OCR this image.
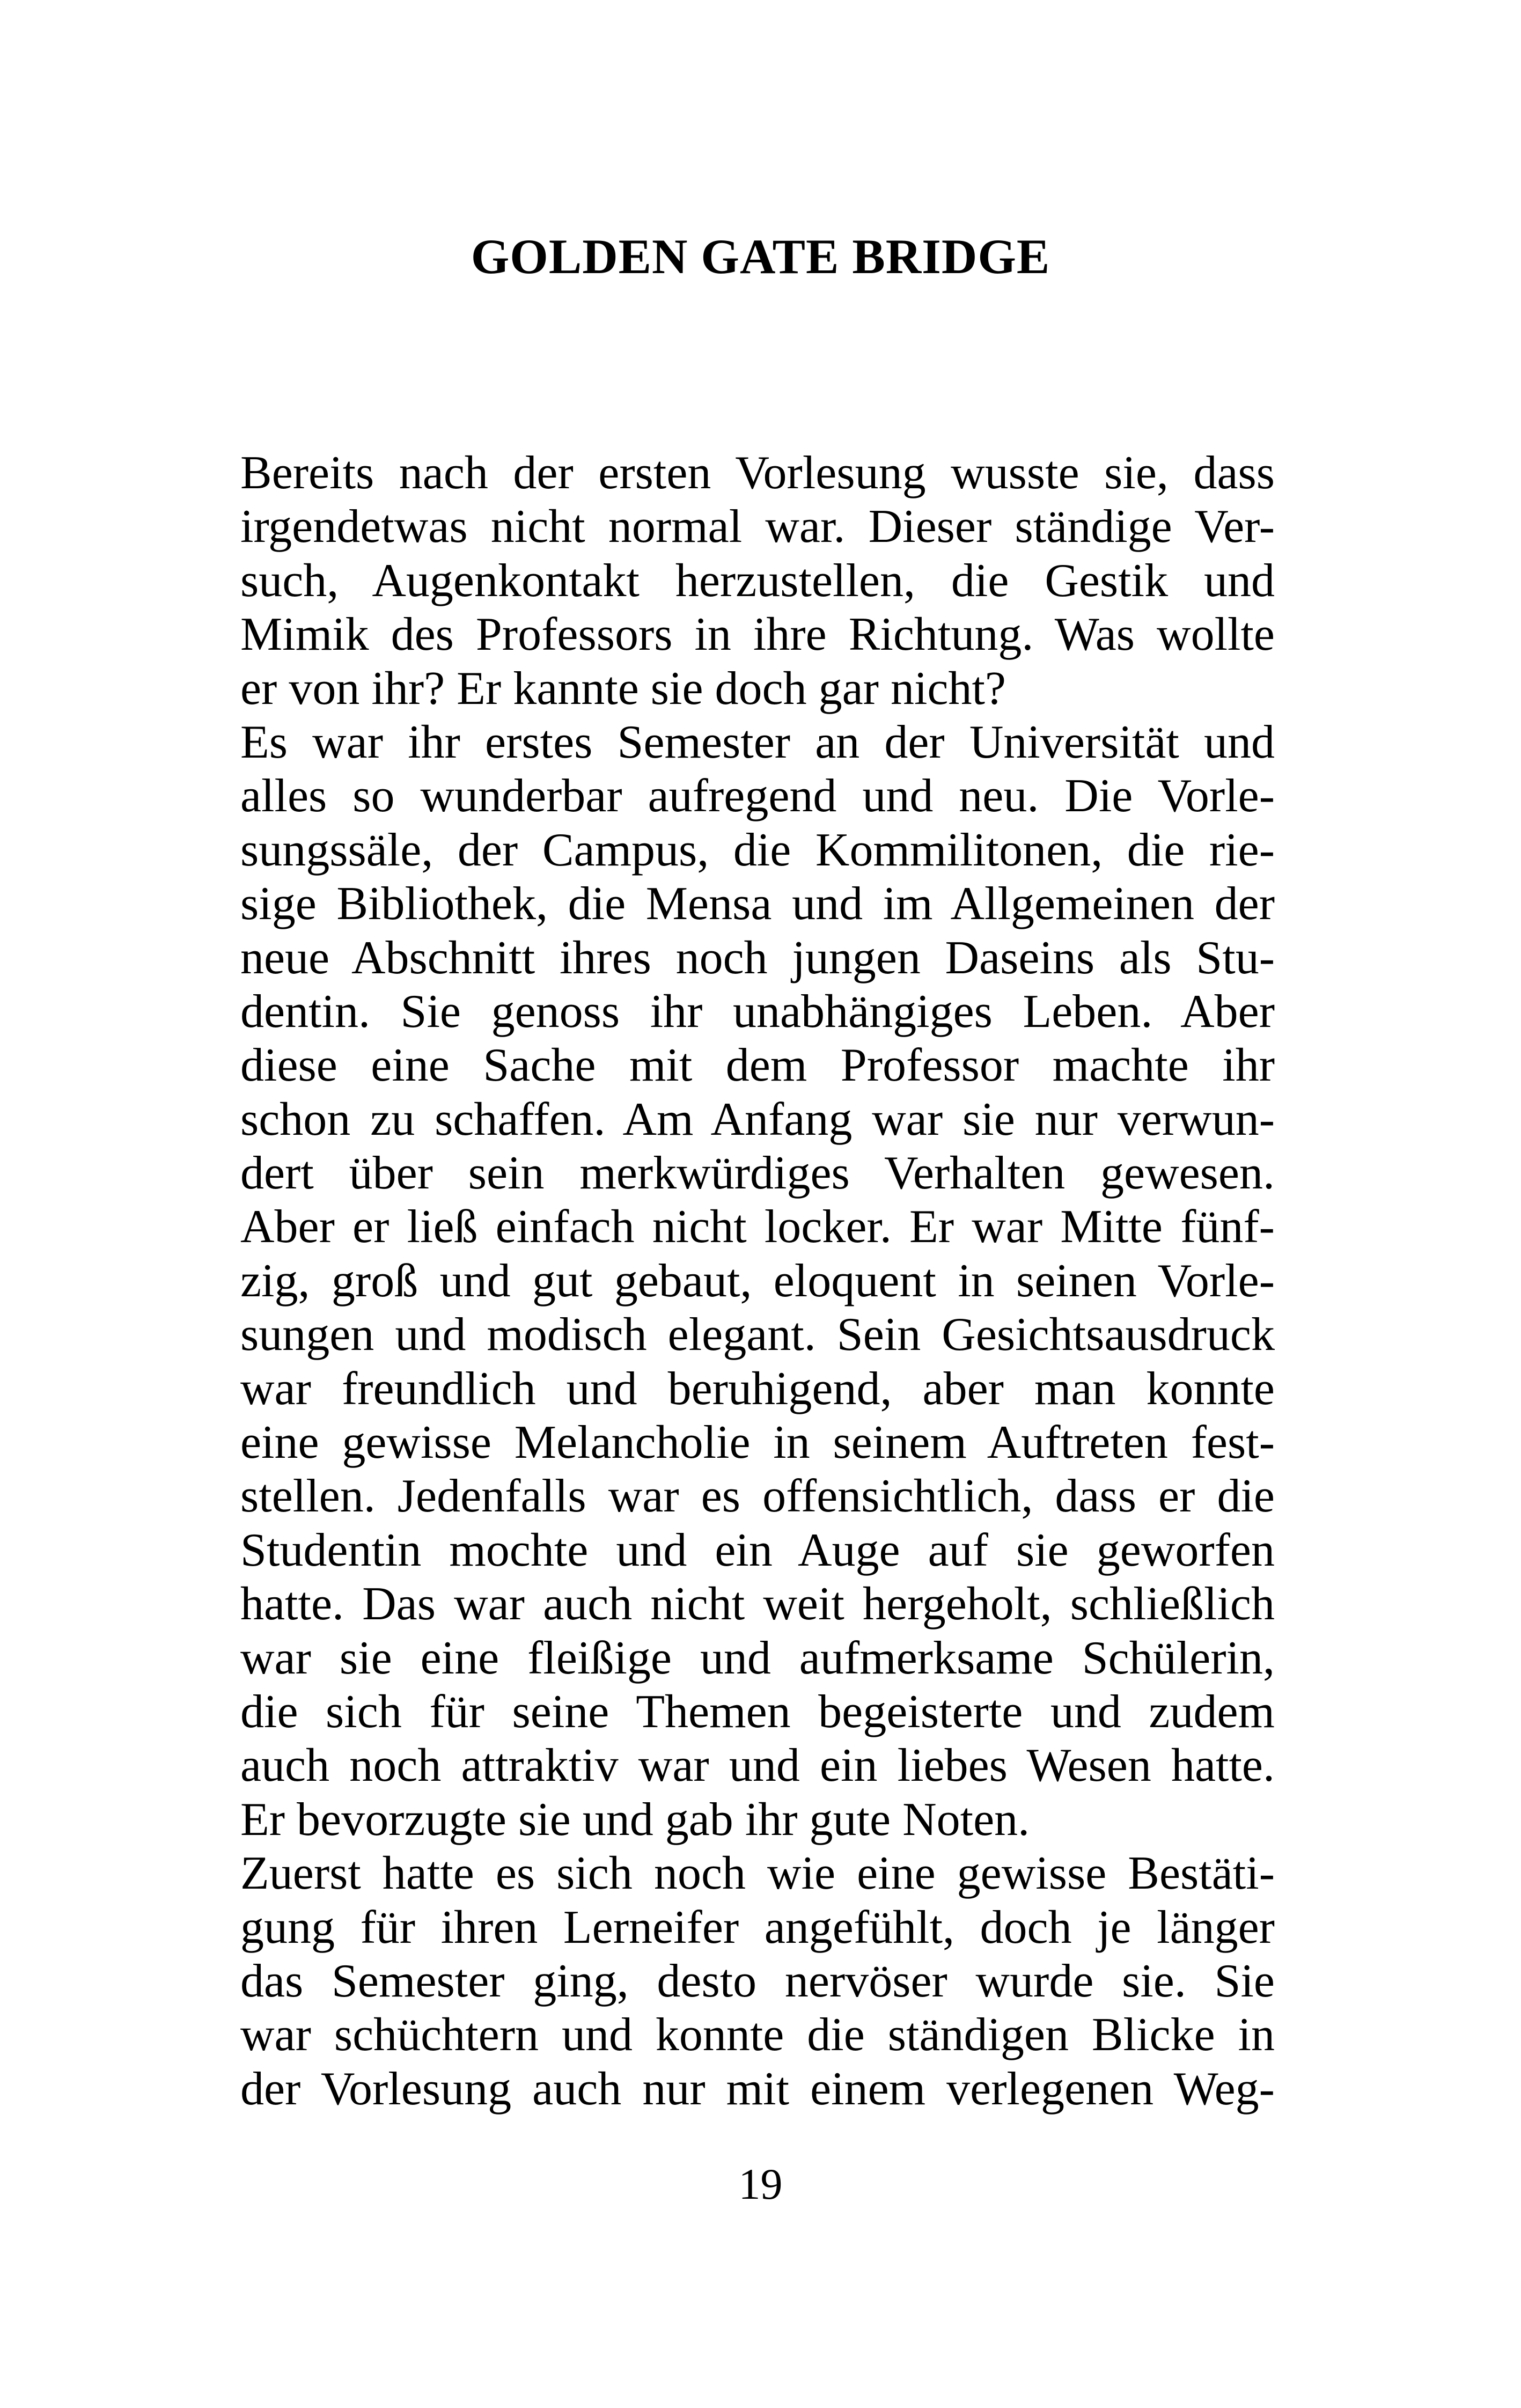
GOLDEN GATE BRIDGE

Bereits nach der ersten Vorlesung wusste sie, dass
irgendetwas nicht normal war. Dieser ständige Ver-
such, Augenkontakt herzustellen, die Gestik und
Mimik des Professors in ihre Richtung. Was wollte
er von ihr? Er kannte sie doch gar nicht?

Es war ihr erstes Semester an der Universität und
alles so wunderbar aufregend und neu. Die Vorle-
sungssäle, der Campus, die Kommilitonen, die rie-
sige Bibliothek, die Mensa und im Allgemeinen der
neue Abschnitt ihres noch jungen Daseins als Stu-
dentin. Sie genoss ihr unabhängiges Leben. Aber
diese eine Sache mit dem Professor machte ihr
schon zu schaffen. Am Anfang war sie nur verwun-
dert über sein merkwürdiges Verhalten gewesen.
Aber er ließ einfach nicht locker. Er war Mitte fünf-
zig, groß und gut gebaut, eloquent in seinen Vorle-
sungen und modisch elegant. Sein Gesichtsausdruck
war freundlich und beruhigend, aber man konnte
eine gewisse Melancholie in seinem Auftreten fest-
stellen. Jedenfalls war es offensichtlich, dass er die
Studentin mochte und ein Auge auf sie geworfen
hatte. Das war auch nicht weit hergeholt, schließlich
war sie eine fleißige und aufmerksame Schülerin,
die sich für seine Themen begeisterte und zudem
auch noch attraktiv war und ein liebes Wesen hatte.
Er bevorzugte sie und gab ihr gute Noten.

Zuerst hatte es sich noch wie eine gewisse Bestäti-
gung für ihren Lerneifer angefühlt, doch je länger
das Semester ging, desto nervöser wurde sie. Sie
war schüchtern und konnte die ständigen Blicke in
der Vorlesung auch nur mit einem verlegenen Weg-

19
